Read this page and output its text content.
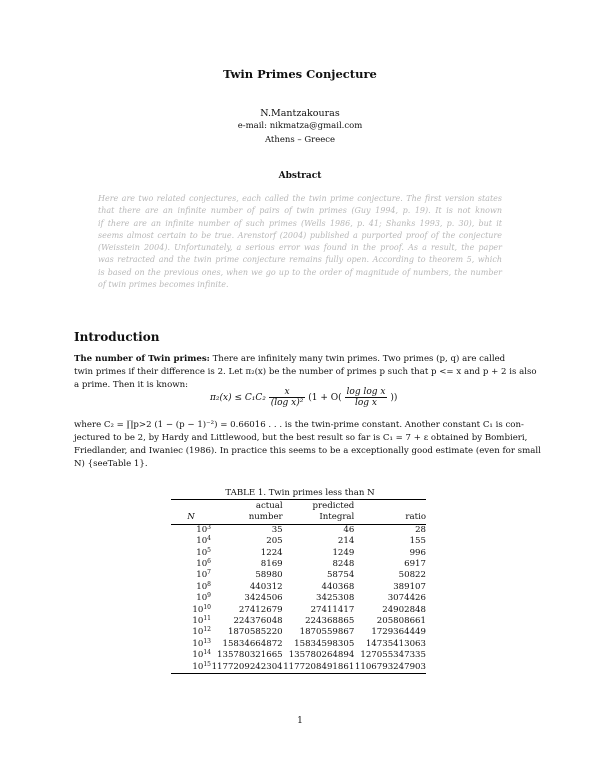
Twin Primes Conjecture
N.Mantzakouras
e-mail: nikmatza@gmail.com
Athens – Greece
Abstract
Here are two related conjectures, each called the twin prime conjecture. The first version states
that there are an infinite number of pairs of twin primes (Guy 1994, p. 19). It is not known
if there are an infinite number of such primes (Wells 1986, p. 41; Shanks 1993, p. 30), but it
seems almost certain to be true. Arenstorf (2004) published a purported proof of the conjecture
(Weisstein 2004). Unfortunately, a serious error was found in the proof. As a result, the paper
was retracted and the twin prime conjecture remains fully open. According to theorem 5, which
is based on the previous ones, when we go up to the order of magnitude of numbers, the number
of twin primes becomes infinite.
Introduction
The number of Twin primes: There are infinitely many twin primes. Two primes (p, q) are called
twin primes if their difference is 2. Let π₂(x) be the number of primes p such that p <= x and p + 2 is also
a prime. Then it is known:
$\pi_2(x) \le C_1C_2 \frac{x}{\text{(log x)²}} (1 + O( \frac{\text{log log x}}{\text{log x}}$ ))
where C₂ = ∏p>2 (1 − (p − 1)⁻²) = 0.66016 . . . is the twin-prime constant. Another constant C₁ is con-
jectured to be 2, by Hardy and Littlewood, but the best result so far is C₁ = 7 + ε obtained by Bombieri,
Friedlander, and Iwaniec (1986). In practice this seems to be a exceptionally good estimate (even for small
N) {seeTable 1}.
TABLE 1. Twin primes less than N
	actual	predicted	
N	number	Integral	ratio
$10^3$	35	46	28
$10^4$	205	214	155
$10^5$	1224	1249	996
$10^6$	8169	8248	6917
$10^7$	58980	58754	50822
$10^8$	440312	440368	389107
$10^9$	3424506	3425308	3074426
$10^{10}$	27412679	27411417	24902848
$10^{11}$	224376048	224368865	205808661
$10^{12}$	1870585220	1870559867	1729364449
$10^{13}$	15834664872	15834598305	14735413063
$10^{14}$	135780321665	135780264894	127055347335
$10^{15}$	1177209242304	1177208491861	1106793247903
1
